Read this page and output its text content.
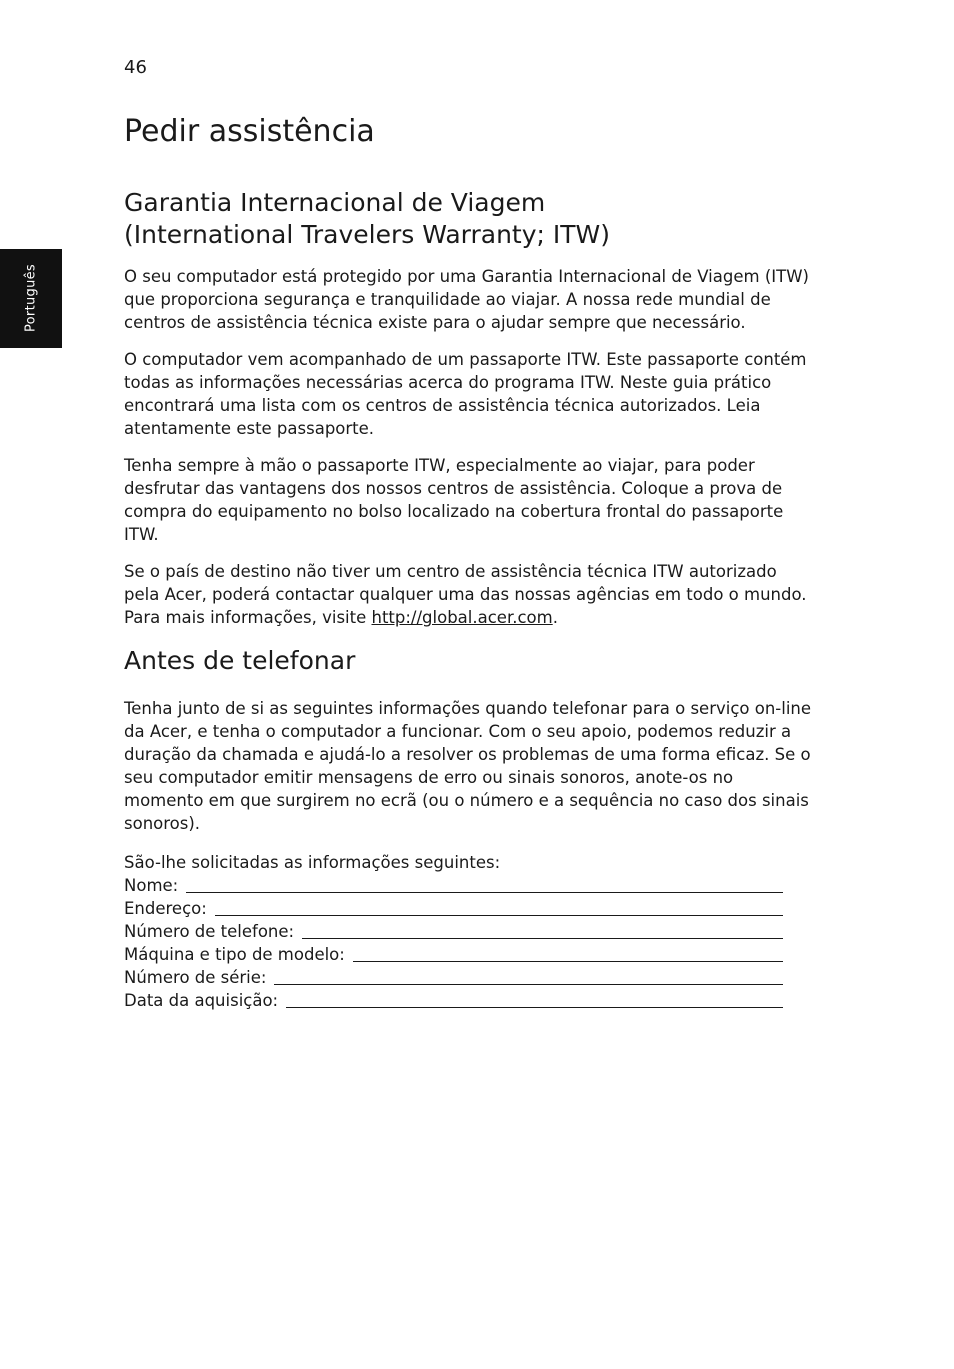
46
Português
Pedir assistência
Garantia Internacional de Viagem
(International Travelers Warranty; ITW)

O seu computador está protegido por uma Garantia Internacional de Viagem (ITW) que proporciona segurança e tranquilidade ao viajar. A nossa rede mundial de centros de assistência técnica existe para o ajudar sempre que necessário.

O computador vem acompanhado de um passaporte ITW. Este passaporte contém todas as informações necessárias acerca do programa ITW. Neste guia prático encontrará uma lista com os centros de assistência técnica autorizados. Leia atentamente este passaporte.

Tenha sempre à mão o passaporte ITW, especialmente ao viajar, para poder desfrutar das vantagens dos nossos centros de assistência. Coloque a prova de compra do equipamento no bolso localizado na cobertura frontal do passaporte ITW.

Se o país de destino não tiver um centro de assistência técnica ITW autorizado pela Acer, poderá contactar qualquer uma das nossas agências em todo o mundo. Para mais informações, visite http://global.acer.com.

Antes de telefonar

Tenha junto de si as seguintes informações quando telefonar para o serviço on-line da Acer, e tenha o computador a funcionar. Com o seu apoio, podemos reduzir a duração da chamada e ajudá-lo a resolver os problemas de uma forma eficaz. Se o seu computador emitir mensagens de erro ou sinais sonoros, anote-os no momento em que surgirem no ecrã (ou o número e a sequência no caso dos sinais sonoros).

São-lhe solicitadas as informações seguintes:
Nome:
Endereço:
Número de telefone:
Máquina e tipo de modelo:
Número de série:
Data da aquisição:
